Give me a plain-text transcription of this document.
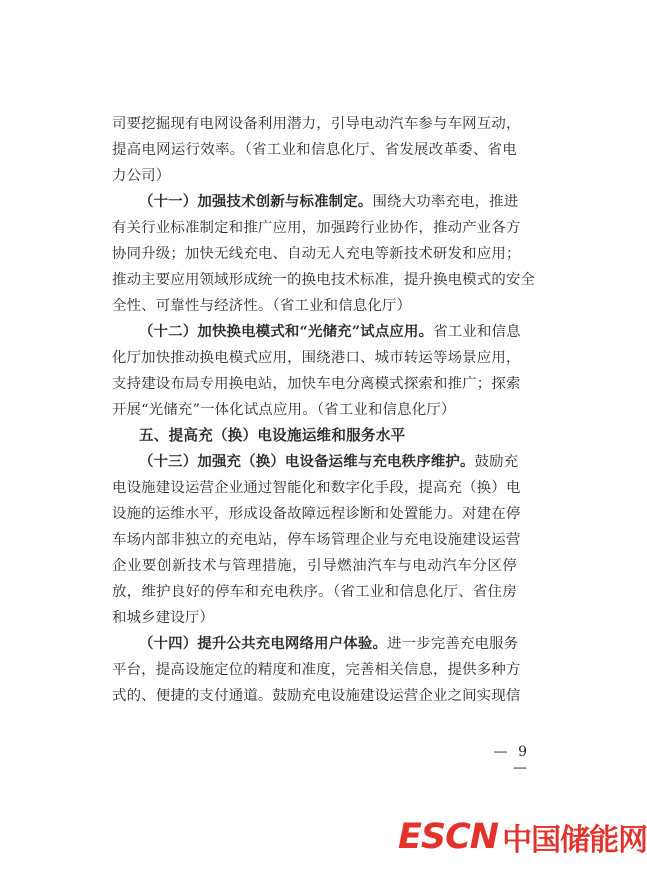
司要挖掘现有电网设备利用潜力，引导电动汽车参与车网互动，
提高电网运行效率。（省工业和信息化厅、省发展改革委、省电
力公司）
（十一）加强技术创新与标准制定。围绕大功率充电，推进
有关行业标准制定和推广应用，加强跨行业协作，推动产业各方
协同升级；加快无线充电、自动无人充电等新技术研发和应用；
推动主要应用领域形成统一的换电技术标准，提升换电模式的安全
全性、可靠性与经济性。（省工业和信息化厅）
（十二）加快换电模式和“光储充”试点应用。省工业和信息
化厅加快推动换电模式应用，围绕港口、城市转运等场景应用，
支持建设布局专用换电站，加快车电分离模式探索和推广；探索
开展“光储充”一体化试点应用。（省工业和信息化厅）
五、提高充（换）电设施运维和服务水平
（十三）加强充（换）电设备运维与充电秩序维护。鼓励充
电设施建设运营企业通过智能化和数字化手段，提高充（换）电
设施的运维水平，形成设备故障远程诊断和处置能力。对建在停
车场内部非独立的充电站，停车场管理企业与充电设施建设运营
企业要创新技术与管理措施，引导燃油汽车与电动汽车分区停
放，维护良好的停车和充电秩序。（省工业和信息化厅、省住房
和城乡建设厅）
（十四）提升公共充电网络用户体验。进一步完善充电服务
平台，提高设施定位的精度和准度，完善相关信息，提供多种方
式的、便捷的支付通道。鼓励充电设施建设运营企业之间实现信
— 9 —
ESCN 中国储能网
